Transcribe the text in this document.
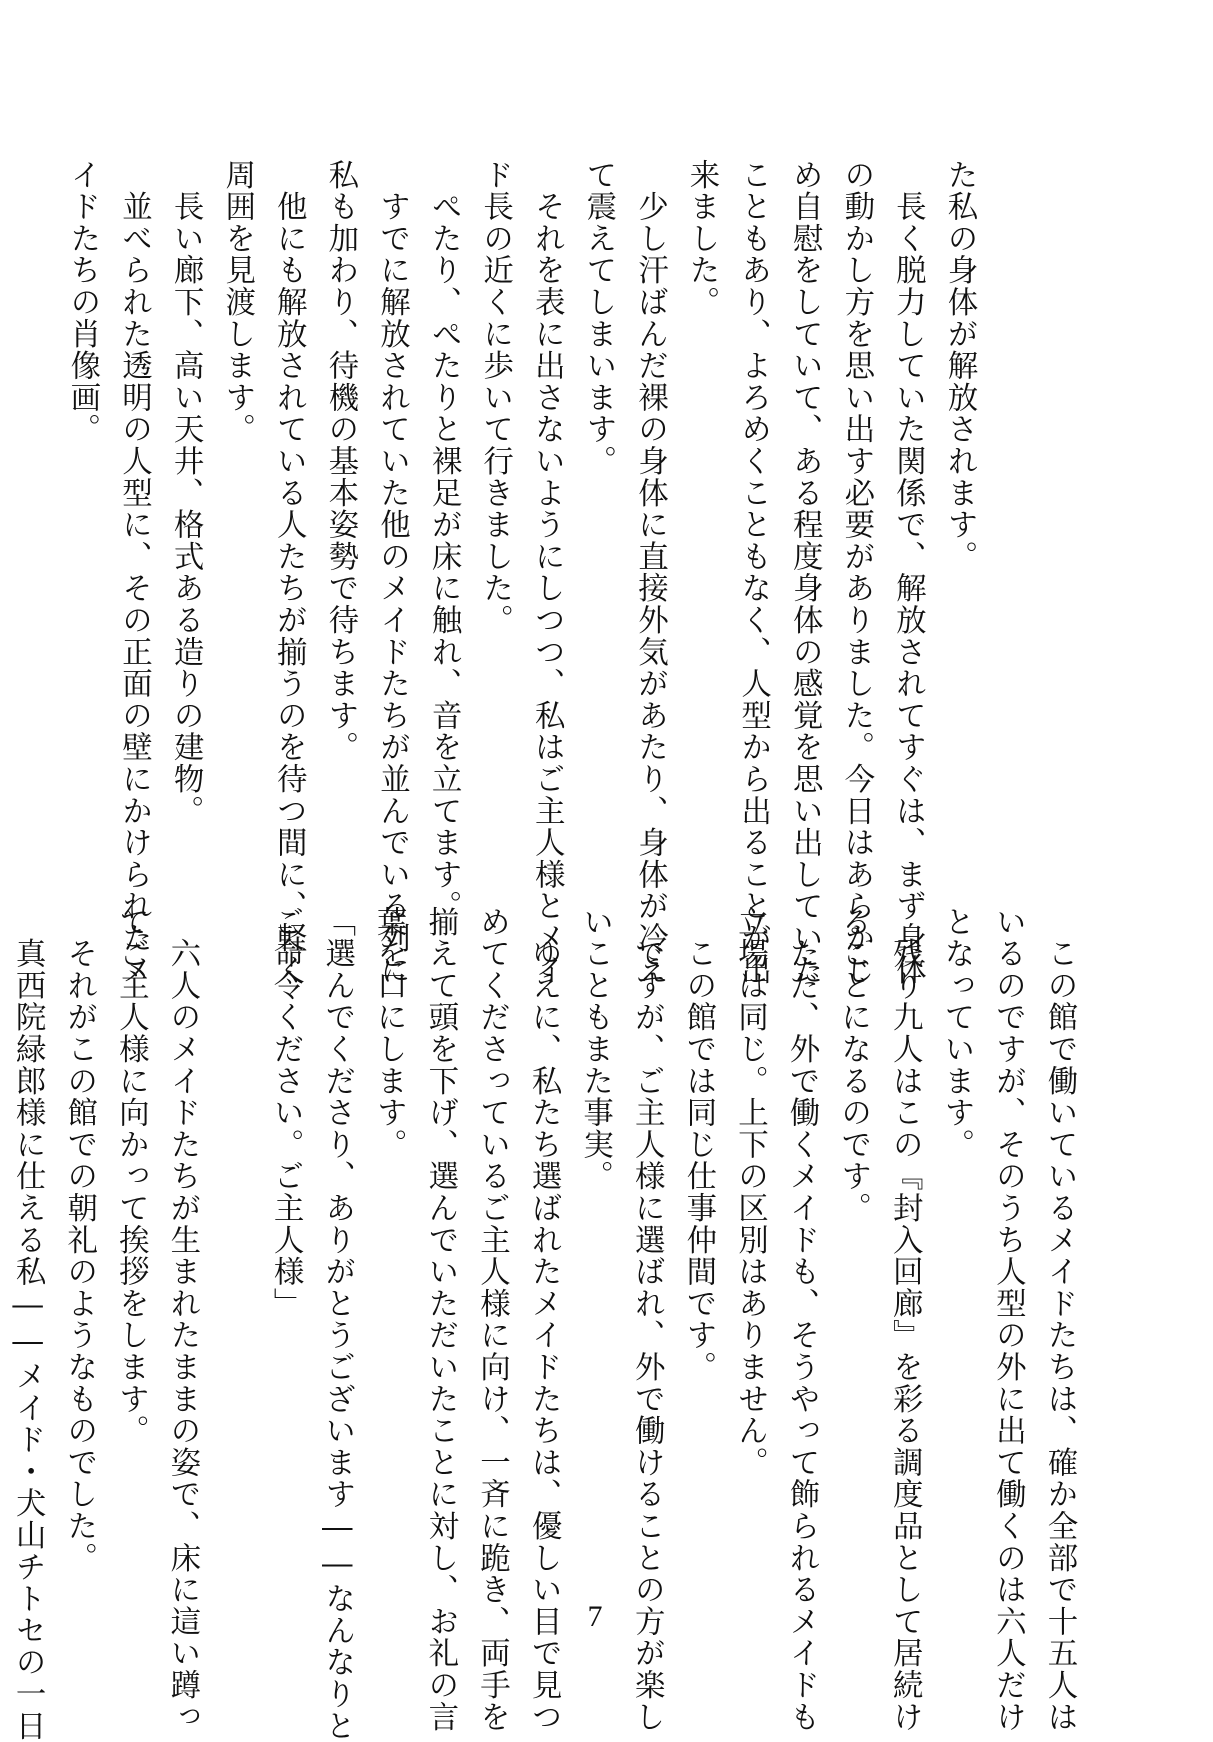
た私の身体が解放されます。

　長く脱力していた関係で、解放されてすぐは、まず身体

の動かし方を思い出す必要がありました。今日はあらかじ

め自慰をしていて、ある程度身体の感覚を思い出していた

こともあり、よろめくこともなく、人型から出ることが出

来ました。

　少し汗ばんだ裸の身体に直接外気があたり、身体が冷え

て震えてしまいます。

　それを表に出さないようにしつつ、私はご主人様とメイ

ド長の近くに歩いて行きました。

　ぺたり、ぺたりと裸足が床に触れ、音を立てます。

　すでに解放されていた他のメイドたちが並んでいる列に

私も加わり、待機の基本姿勢で待ちます。

　他にも解放されている人たちが揃うのを待つ間に、軽く

周囲を見渡します。

　長い廊下、高い天井、格式ある造りの建物。

　並べられた透明の人型に、その正面の壁にかけられたメ

イドたちの肖像画。

　この館で働いているメイドたちは、確か全部で十五人は

いるのですが、そのうち人型の外に出て働くのは六人だけ

となっています。

　残り九人はこの『封入回廊』を彩る調度品として居続け

ることになるのです。

　ただ、外で働くメイドも、そうやって飾られるメイドも

立場は同じ。上下の区別はありません。

　この館では同じ仕事仲間です。

　ですが、ご主人様に選ばれ、外で働けることの方が楽し

いこともまた事実。

　ゆえに、私たち選ばれたメイドたちは、優しい目で見つ

めてくださっているご主人様に向け、一斉に跪き、両手を

揃えて頭を下げ、選んでいただいたことに対し、お礼の言

葉を口にします。

「選んでくださり、ありがとうございます――なんなりと

ご命令ください。ご主人様」

　六人のメイドたちが生まれたままの姿で、床に這い蹲っ

てご主人様に向かって挨拶をします。

　それがこの館での朝礼のようなものでした。

　真西院緑郎様に仕える私――メイド・犬山チトセの一日	7
